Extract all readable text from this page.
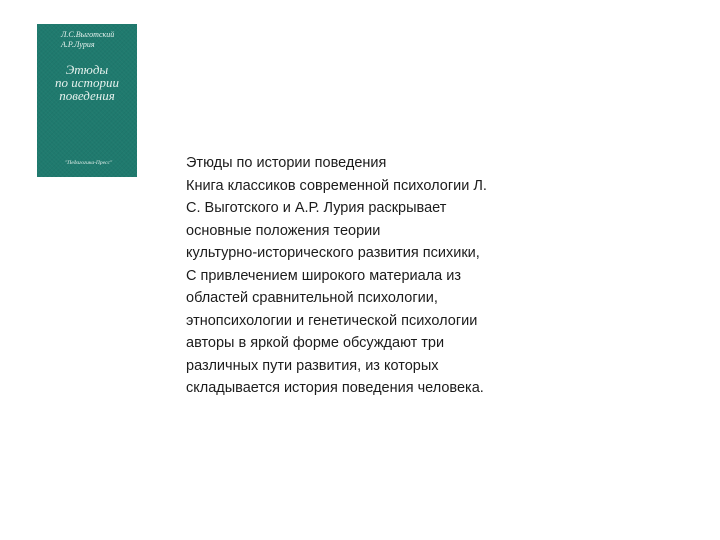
Л.С.Выготский
А.Р.Лурия
Этюды
по истории
поведения
"Педагогика-Пресс"	Этюды по истории поведения
Книга классиков современной психологии Л.
С. Выготского и А.Р. Лурия раскрывает
основные положения теории
культурно-исторического развития психики,
С привлечением широкого материала из
областей сравнительной психологии,
этнопсихологии и генетической психологии
авторы в яркой форме обсуждают три
различных пути развития, из которых
складывается история поведения человека.
